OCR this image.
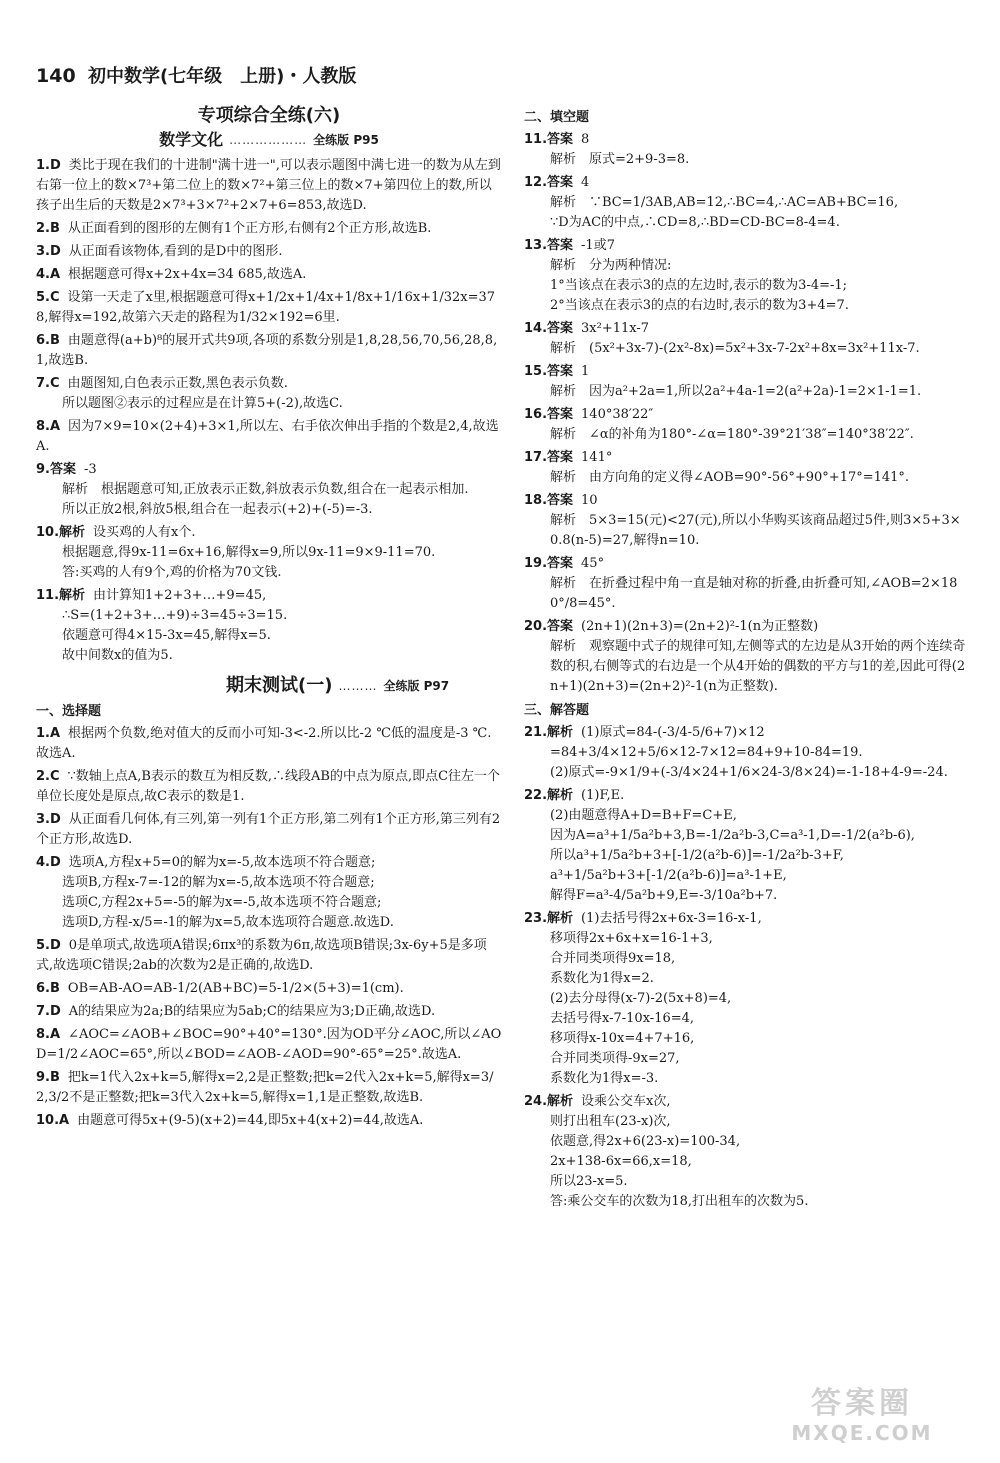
140 初中数学(七年级　上册)・人教版
专项综合全练(六)
数学文化 ……………… 全练版 P95
1.D 类比于现在我们的十进制"满十进一",可以表示题图中满七进一的数为从左到右第一位上的数×7³+第二位上的数×7²+第三位上的数×7+第四位上的数,所以孩子出生后的天数是2×7³+3×7²+2×7+6=853,故选D.
2.B 从正面看到的图形的左侧有1个正方形,右侧有2个正方形,故选B.
3.D 从正面看该物体,看到的是D中的图形.
4.A 根据题意可得x+2x+4x=34 685,故选A.
5.C 设第一天走了x里,根据题意可得x+1/2x+1/4x+1/8x+1/16x+1/32x=378,解得x=192,故第六天走的路程为1/32×192=6里.
6.B 由题意得(a+b)⁸的展开式共9项,各项的系数分别是1,8,28,56,70,56,28,8,1,故选B.
7.C 由题图知,白色表示正数,黑色表示负数.
所以题图②表示的过程应是在计算5+(-2),故选C.
8.A 因为7×9=10×(2+4)+3×1,所以左、右手依次伸出手指的个数是2,4,故选A.
9.答案 -3
解析　根据题意可知,正放表示正数,斜放表示负数,组合在一起表示相加.
所以正放2根,斜放5根,组合在一起表示(+2)+(-5)=-3.
10.解析 设买鸡的人有x个.
根据题意,得9x-11=6x+16,解得x=9,所以9x-11=9×9-11=70.
答:买鸡的人有9个,鸡的价格为70文钱.
11.解析 由计算知1+2+3+…+9=45,
∴S=(1+2+3+…+9)÷3=45÷3=15.
依题意可得4×15-3x=45,解得x=5.
故中间数x的值为5.
期末测试(一) ……… 全练版 P97
一、选择题
1.A 根据两个负数,绝对值大的反而小可知-3<-2.所以比-2 ℃低的温度是-3 ℃.故选A.
2.C ∵数轴上点A,B表示的数互为相反数,∴线段AB的中点为原点,即点C往左一个单位长度处是原点,故C表示的数是1.
3.D 从正面看几何体,有三列,第一列有1个正方形,第二列有1个正方形,第三列有2个正方形,故选D.
4.D 选项A,方程x+5=0的解为x=-5,故本选项不符合题意;
选项B,方程x-7=-12的解为x=-5,故本选项不符合题意;
选项C,方程2x+5=-5的解为x=-5,故本选项不符合题意;
选项D,方程-x/5=-1的解为x=5,故本选项符合题意.故选D.
5.D 0是单项式,故选项A错误;6πx³的系数为6π,故选项B错误;3x-6y+5是多项式,故选项C错误;2ab的次数为2是正确的,故选D.
6.B OB=AB-AO=AB-1/2(AB+BC)=5-1/2×(5+3)=1(cm).
7.D A的结果应为2a;B的结果应为5ab;C的结果应为3;D正确,故选D.
8.A ∠AOC=∠AOB+∠BOC=90°+40°=130°.因为OD平分∠AOC,所以∠AOD=1/2∠AOC=65°,所以∠BOD=∠AOB-∠AOD=90°-65°=25°.故选A.
9.B 把k=1代入2x+k=5,解得x=2,2是正整数;把k=2代入2x+k=5,解得x=3/2,3/2不是正整数;把k=3代入2x+k=5,解得x=1,1是正整数,故选B.
10.A 由题意可得5x+(9-5)(x+2)=44,即5x+4(x+2)=44,故选A.
二、填空题
11.答案 8
解析　原式=2+9-3=8.
12.答案 4
解析　∵BC=1/3AB,AB=12,∴BC=4,∴AC=AB+BC=16,
∵D为AC的中点,∴CD=8,∴BD=CD-BC=8-4=4.
13.答案 -1或7
解析　分为两种情况:
1°当该点在表示3的点的左边时,表示的数为3-4=-1;
2°当该点在表示3的点的右边时,表示的数为3+4=7.
14.答案 3x²+11x-7
解析　(5x²+3x-7)-(2x²-8x)=5x²+3x-7-2x²+8x=3x²+11x-7.
15.答案 1
解析　因为a²+2a=1,所以2a²+4a-1=2(a²+2a)-1=2×1-1=1.
16.答案 140°38′22″
解析　∠α的补角为180°-∠α=180°-39°21′38″=140°38′22″.
17.答案 141°
解析　由方向角的定义得∠AOB=90°-56°+90°+17°=141°.
18.答案 10
解析　5×3=15(元)<27(元),所以小华购买该商品超过5件,则3×5+3×0.8(n-5)=27,解得n=10.
19.答案 45°
解析　在折叠过程中角一直是轴对称的折叠,由折叠可知,∠AOB=2×180°/8=45°.
20.答案 (2n+1)(2n+3)=(2n+2)²-1(n为正整数)
解析　观察题中式子的规律可知,左侧等式的左边是从3开始的两个连续奇数的积,右侧等式的右边是一个从4开始的偶数的平方与1的差,因此可得(2n+1)(2n+3)=(2n+2)²-1(n为正整数).
三、解答题
21.解析 (1)原式=84-(-3/4-5/6+7)×12
=84+3/4×12+5/6×12-7×12=84+9+10-84=19.
(2)原式=-9×1/9+(-3/4×24+1/6×24-3/8×24)=-1-18+4-9=-24.
22.解析 (1)F,E.
(2)由题意得A+D=B+F=C+E,
因为A=a³+1/5a²b+3,B=-1/2a²b-3,C=a³-1,D=-1/2(a²b-6),
所以a³+1/5a²b+3+[-1/2(a²b-6)]=-1/2a²b-3+F,
a³+1/5a²b+3+[-1/2(a²b-6)]=a³-1+E,
解得F=a³-4/5a²b+9,E=-3/10a²b+7.
23.解析 (1)去括号得2x+6x-3=16-x-1,
移项得2x+6x+x=16-1+3,
合并同类项得9x=18,
系数化为1得x=2.
(2)去分母得(x-7)-2(5x+8)=4,
去括号得x-7-10x-16=4,
移项得x-10x=4+7+16,
合并同类项得-9x=27,
系数化为1得x=-3.
24.解析 设乘公交车x次,
则打出租车(23-x)次,
依题意,得2x+6(23-x)=100-34,
2x+138-6x=66,x=18,
所以23-x=5.
答:乘公交车的次数为18,打出租车的次数为5.
答案圈
MXQE.COM
